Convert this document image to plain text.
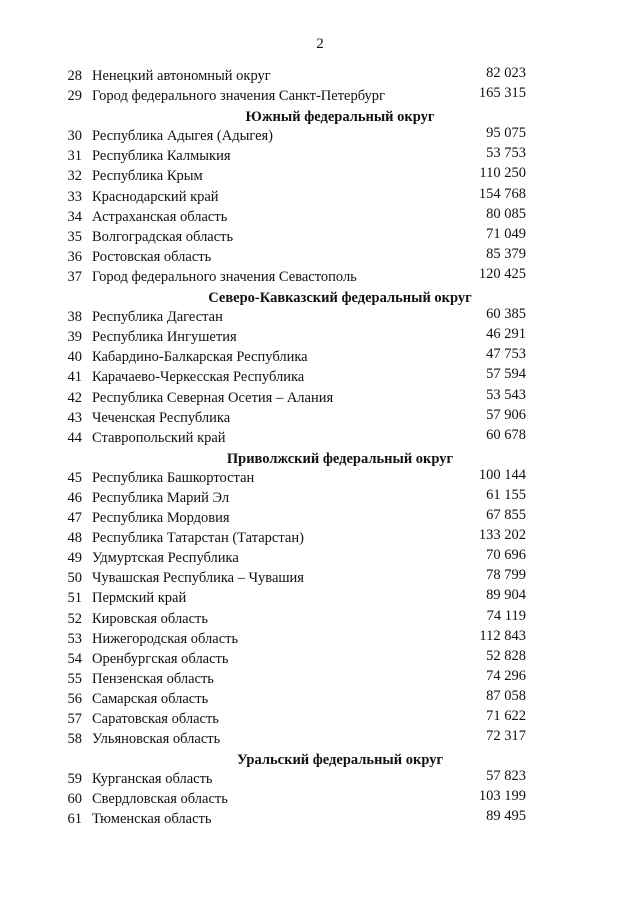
2
28 Ненецкий автономный округ	82 023
29 Город федерального значения Санкт-Петербург	165 315
Южный федеральный округ
30 Республика Адыгея (Адыгея)	95 075
31 Республика Калмыкия	53 753
32 Республика Крым	110 250
33 Краснодарский край	154 768
34 Астраханская область	80 085
35 Волгоградская область	71 049
36 Ростовская область	85 379
37 Город федерального значения Севастополь	120 425
Северо-Кавказский федеральный округ
38 Республика Дагестан	60 385
39 Республика Ингушетия	46 291
40 Кабардино-Балкарская Республика	47 753
41 Карачаево-Черкесская Республика	57 594
42 Республика Северная Осетия – Алания	53 543
43 Чеченская Республика	57 906
44 Ставропольский край	60 678
Приволжский федеральный округ
45 Республика Башкортостан	100 144
46 Республика Марий Эл	61 155
47 Республика Мордовия	67 855
48 Республика Татарстан (Татарстан)	133 202
49 Удмуртская Республика	70 696
50 Чувашская Республика – Чувашия	78 799
51 Пермский край	89 904
52 Кировская область	74 119
53 Нижегородская область	112 843
54 Оренбургская область	52 828
55 Пензенская область	74 296
56 Самарская область	87 058
57 Саратовская область	71 622
58 Ульяновская область	72 317
Уральский федеральный округ
59 Курганская область	57 823
60 Свердловская область	103 199
61 Тюменская область	89 495
